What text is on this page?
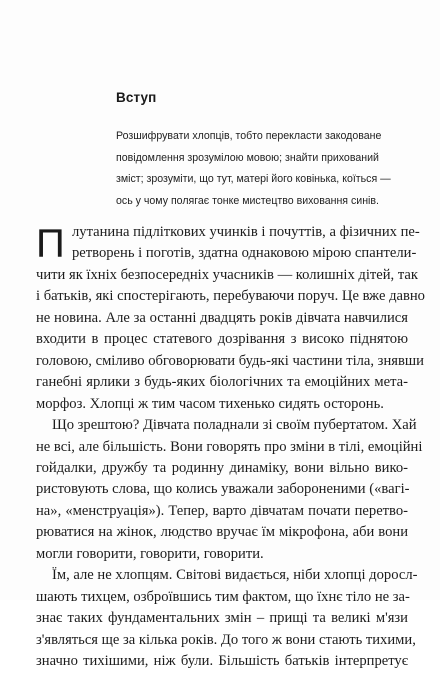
Вступ
Розшифрувати хлопців, тобто перекласти закодоване
повідомлення зрозумілою мовою; знайти прихований
зміст; зрозуміти, що тут, матері його ковінька, коїться —
ось у чому полягає тонке мистецтво виховання синів.
П лутанина підліткових учинків і почуттів, а фізичних пе-
ретворень і поготів, здатна однаковою мірою спантели-
чити як їхніх безпосередніх учасників — колишніх дітей, так
і батьків, які спостерігають, перебуваючи поруч. Це вже давно
не новина. Але за останні двадцять років дівчата навчилися
входити в процес статевого дозрівання з високо піднятою
головою, сміливо обговорювати будь-які частини тіла, знявши
ганебні ярлики з будь-яких біологічних та емоційних мета-
морфоз. Хлопці ж тим часом тихенько сидять осторонь.
Що зрештою? Дівчата поладнали зі своїм пубертатом. Хай
не всі, але більшість. Вони говорять про зміни в тілі, емоційні
гойдалки, дружбу та родинну динаміку, вони вільно вико-
ристовують слова, що колись уважали забороненими («вагі-
на», «менструація»). Тепер, варто дівчатам почати перетво-
рюватися на жінок, людство вручає їм мікрофона, аби вони
могли говорити, говорити, говорити.
Їм, але не хлопцям. Світові видається, ніби хлопці доросл-
шають тихцем, озброївшись тим фактом, що їхнє тіло не за-
знає таких фундаментальних змін – прищі та великі м'язи
з'являться ще за кілька років. До того ж вони стають тихими,
значно тихішими, ніж були. Більшість батьків інтерпретує
